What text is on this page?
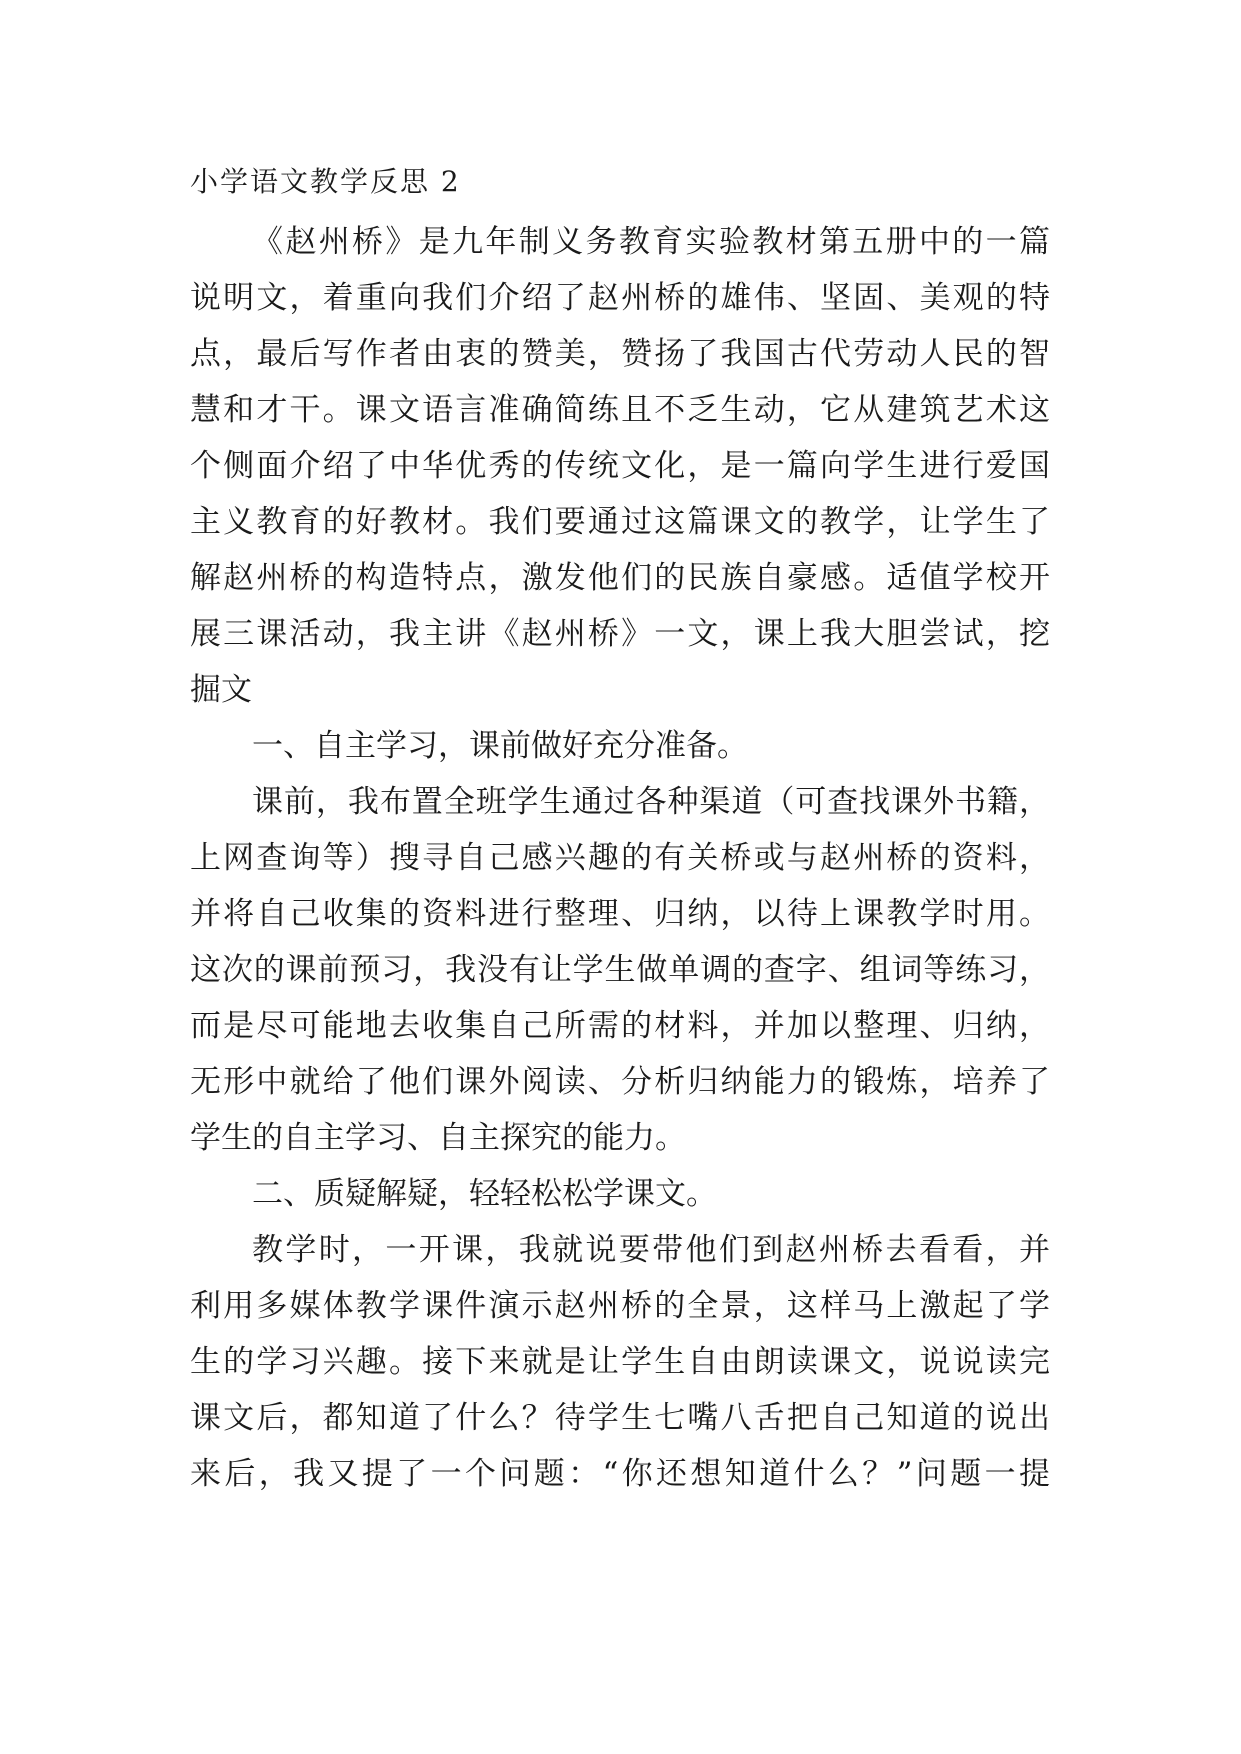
小学语文教学反思 2
《赵州桥》是九年制义务教育实验教材第五册中的一篇
说明文，着重向我们介绍了赵州桥的雄伟、坚固、美观的特
点，最后写作者由衷的赞美，赞扬了我国古代劳动人民的智
慧和才干。课文语言准确简练且不乏生动，它从建筑艺术这
个侧面介绍了中华优秀的传统文化，是一篇向学生进行爱国
主义教育的好教材。我们要通过这篇课文的教学，让学生了
解赵州桥的构造特点，激发他们的民族自豪感。适值学校开
展三课活动，我主讲《赵州桥》一文，课上我大胆尝试，挖
掘文
一、自主学习，课前做好充分准备。
课前，我布置全班学生通过各种渠道（可查找课外书籍，
上网查询等）搜寻自己感兴趣的有关桥或与赵州桥的资料，
并将自己收集的资料进行整理、归纳，以待上课教学时用。
这次的课前预习，我没有让学生做单调的查字、组词等练习，
而是尽可能地去收集自己所需的材料，并加以整理、归纳，
无形中就给了他们课外阅读、分析归纳能力的锻炼，培养了
学生的自主学习、自主探究的能力。
二、质疑解疑，轻轻松松学课文。
教学时，一开课，我就说要带他们到赵州桥去看看，并
利用多媒体教学课件演示赵州桥的全景，这样马上激起了学
生的学习兴趣。接下来就是让学生自由朗读课文，说说读完
课文后，都知道了什么？待学生七嘴八舌把自己知道的说出
来后，我又提了一个问题：“你还想知道什么？”问题一提
